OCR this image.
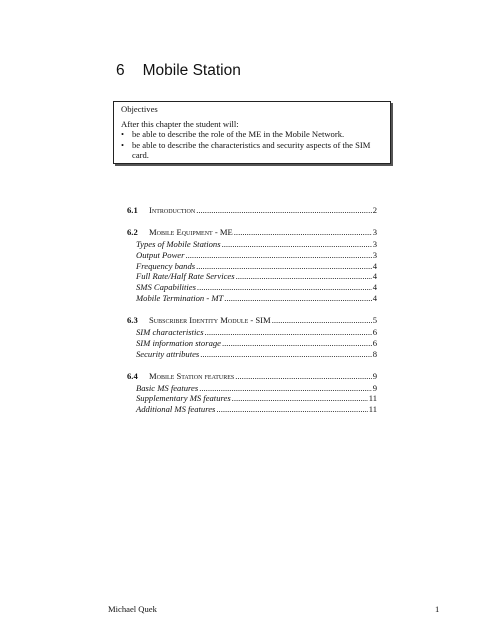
6 Mobile Station

Objectives

After this chapter the student will:

• be able to describe the role of the ME in the Mobile Network.
• be able to describe the characteristics and security aspects of the SIM card.
6.1	Introduction .....	2
6.2	Mobile Equipment - ME .....	3
Types of Mobile Stations .....	3
Output Power .....	3
Frequency bands .....	4
Full Rate/Half Rate Services .....	4
SMS Capabilities .....	4
Mobile Termination - MT .....	4
6.3	Subscriber Identity Module - SIM .....	5
SIM characteristics .....	6
SIM information storage .....	6
Security attributes .....	8
6.4	Mobile Station features .....	9
Basic MS features .....	9
Supplementary MS features .....	11
Additional MS features .....	11
Michael Quek	1
